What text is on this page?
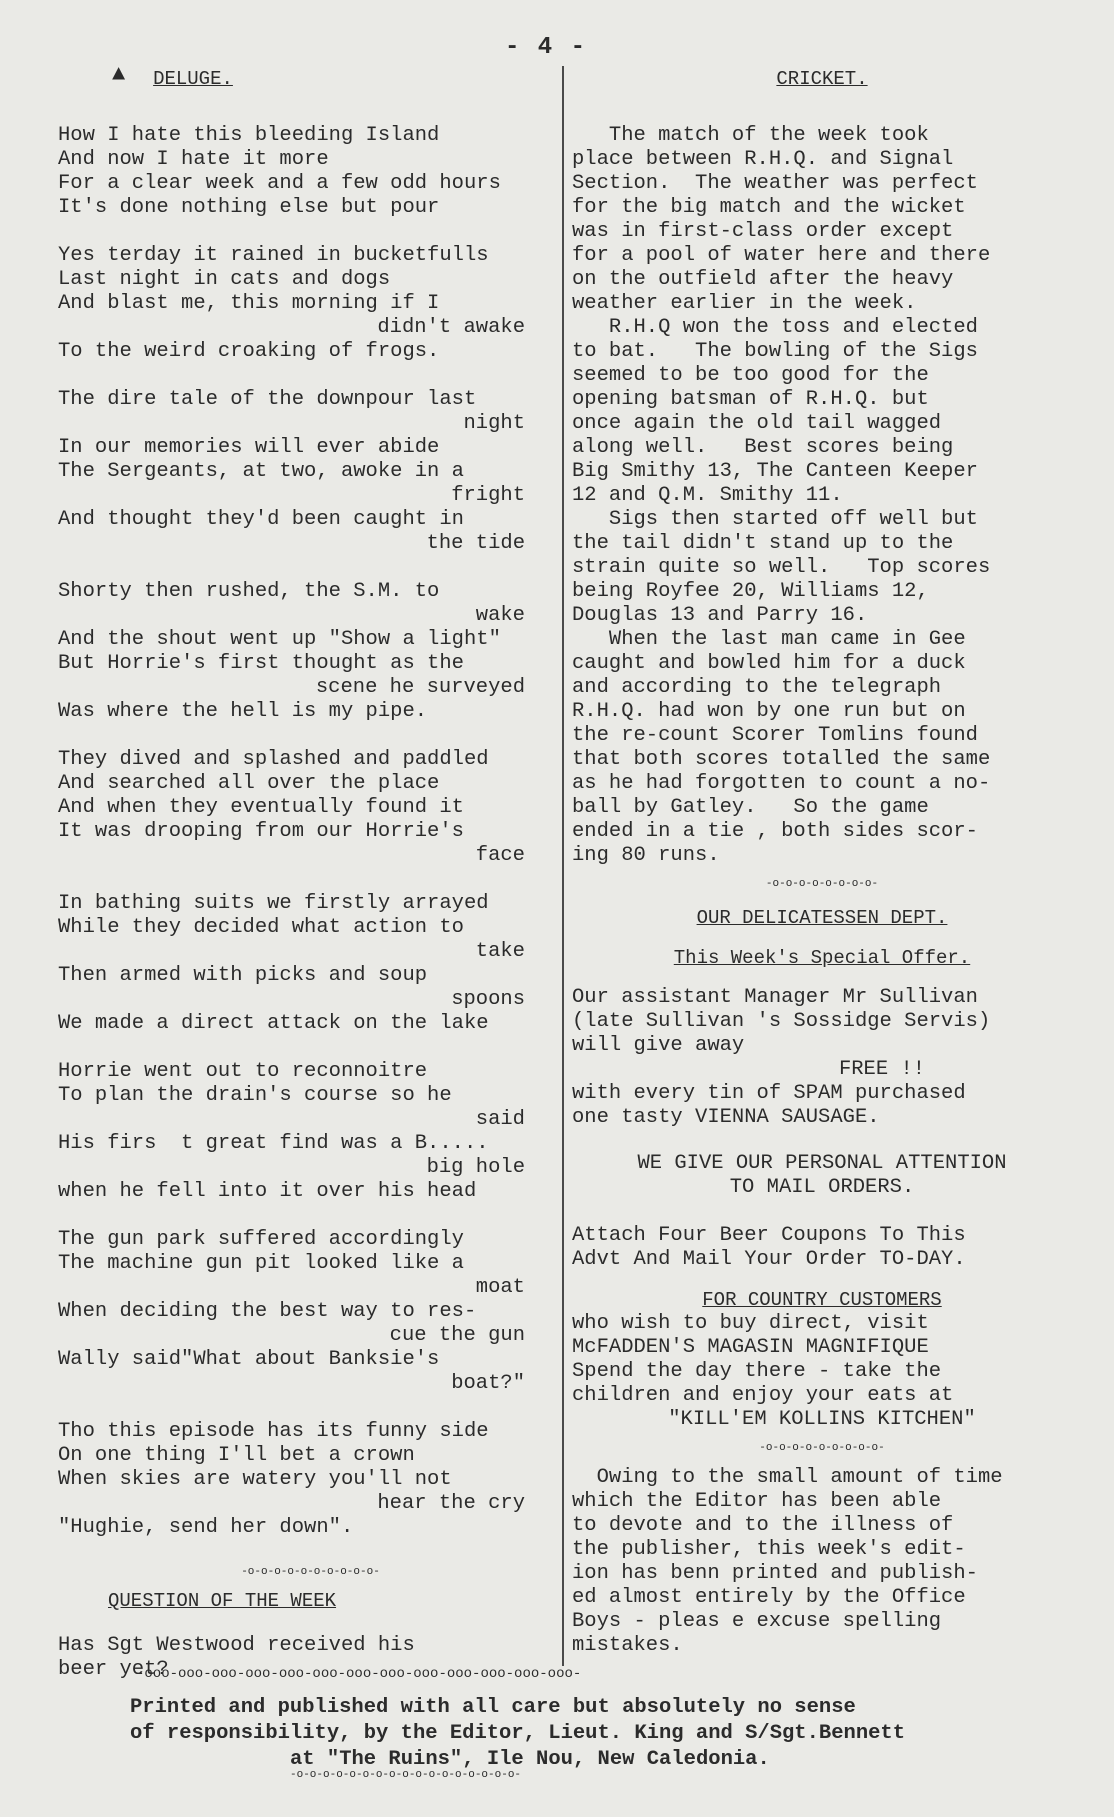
▲
- 4 -
DELUGE.
How I hate this bleeding Island
And now I hate it more
For a clear week and a few odd hours
It's done nothing else but pour
Yes terday it rained in bucketfulls
Last night in cats and dogs
And blast me, this morning if I
didn't awake
To the weird croaking of frogs.
The dire tale of the downpour last
night
In our memories will ever abide
The Sergeants, at two, awoke in a
fright
And thought they'd been caught in
the tide
Shorty then rushed, the S.M. to
wake
And the shout went up "Show a light"
But Horrie's first thought as the
scene he surveyed
Was where the hell is my pipe.
They dived and splashed and paddled
And searched all over the place
And when they eventually found it
It was drooping from our Horrie's
face
In bathing suits we firstly arrayed
While they decided what action to
take
Then armed with picks and soup
spoons
We made a direct attack on the lake
Horrie went out to reconnoitre
To plan the drain's course so he
said
His firs  t great find was a B.....
big hole
when he fell into it over his head
The gun park suffered accordingly
The machine gun pit looked like a
moat
When deciding the best way to res-
cue the gun
Wally said"What about Banksie's
boat?"
Tho this episode has its funny side
On one thing I'll bet a crown
When skies are watery you'll not
hear the cry
"Hughie, send her down".
-o-o-o-o-o-o-o-o-o-o-
QUESTION OF THE WEEK
Has Sgt Westwood received his
beer yet?
CRICKET.
The match of the week took
place between R.H.Q. and Signal
Section.  The weather was perfect
for the big match and the wicket
was in first-class order except
for a pool of water here and there
on the outfield after the heavy
weather earlier in the week.
R.H.Q won the toss and elected
to bat.   The bowling of the Sigs
seemed to be too good for the
opening batsman of R.H.Q. but
once again the old tail wagged
along well.   Best scores being
Big Smithy 13, The Canteen Keeper
12 and Q.M. Smithy 11.
Sigs then started off well but
the tail didn't stand up to the
strain quite so well.   Top scores
being Royfee 20, Williams 12,
Douglas 13 and Parry 16.
When the last man came in Gee
caught and bowled him for a duck
and according to the telegraph
R.H.Q. had won by one run but on
the re-count Scorer Tomlins found
that both scores totalled the same
as he had forgotten to count a no-
ball by Gatley.   So the game
ended in a tie , both sides scor-
ing 80 runs.
-o-o-o-o-o-o-o-o-
OUR DELICATESSEN DEPT.
This Week's Special Offer.
Our assistant Manager Mr Sullivan
(late Sullivan 's Sossidge Servis)
will give away
FREE !!
with every tin of SPAM purchased
one tasty VIENNA SAUSAGE.
WE GIVE OUR PERSONAL ATTENTION
TO MAIL ORDERS.
Attach Four Beer Coupons To This
Advt And Mail Your Order TO-DAY.
FOR COUNTRY CUSTOMERS
who wish to buy direct, visit
McFADDEN'S MAGASIN MAGNIFIQUE
Spend the day there - take the
children and enjoy your eats at
"KILL'EM KOLLINS KITCHEN"
-o-o-o-o-o-o-o-o-o-
Owing to the small amount of time
which the Editor has been able
to devote and to the illness of
the publisher, this week's edit-
ion has benn printed and publish-
ed almost entirely by the Office
Boys - pleas e excuse spelling
mistakes.
-ooo-ooo-ooo-ooo-ooo-ooo-ooo-ooo-ooo-ooo-ooo-ooo-ooo-
Printed and published with all care but absolutely no sense
of responsibility, by the Editor, Lieut. King and S/Sgt.Bennett
at "The Ruins", Ile Nou, New Caledonia.
-o-o-o-o-o-o-o-o-o-o-o-o-o-o-o-o-o-
